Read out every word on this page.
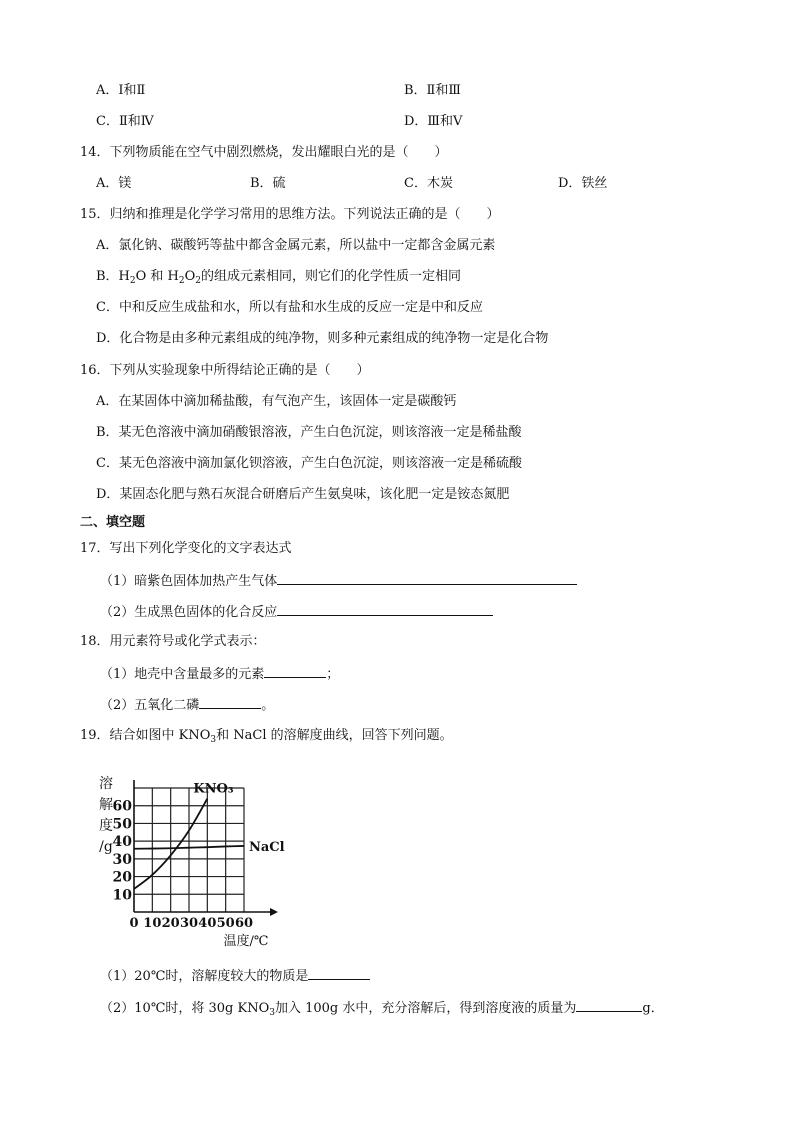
A．Ⅰ和Ⅱ	B．Ⅱ和Ⅲ
C．Ⅱ和Ⅳ	D．Ⅲ和Ⅴ
14．下列物质能在空气中剧烈燃烧，发出耀眼白光的是（　　）
A．镁	B．硫	C．木炭	D．铁丝
15．归纳和推理是化学学习常用的思维方法。下列说法正确的是（　　）
A．氯化钠、碳酸钙等盐中都含金属元素，所以盐中一定都含金属元素
B．$H_2O$ 和 $H_2O_2$的组成元素相同，则它们的化学性质一定相同
C．中和反应生成盐和水，所以有盐和水生成的反应一定是中和反应
D．化合物是由多种元素组成的纯净物，则多种元素组成的纯净物一定是化合物
16．下列从实验现象中所得结论正确的是（　　）
A．在某固体中滴加稀盐酸，有气泡产生，该固体一定是碳酸钙
B．某无色溶液中滴加硝酸银溶液，产生白色沉淀，则该溶液一定是稀盐酸
C．某无色溶液中滴加氯化钡溶液，产生白色沉淀，则该溶液一定是稀硫酸
D．某固态化肥与熟石灰混合研磨后产生氨臭味，该化肥一定是铵态氮肥
二、填空题
17．写出下列化学变化的文字表达式
（1）暗紫色固体加热产生气体
（2）生成黑色固体的化合反应
18．用元素符号或化学式表示：
（1）地壳中含量最多的元素	；
（2）五氧化二磷	。
19．结合如图中 $KNO_3$和 NaCl 的溶解度曲线，回答下列问题。
溶
解
度
/g
10
20
30
40
50
60
0 10 20 30 40 50 60
KNO₃
NaCl
温度/℃
（1）20℃时，溶解度较大的物质是
（2）10℃时，将 30g $KNO_3$加入 100g 水中，充分溶解后，得到溶度液的质量为	g．
